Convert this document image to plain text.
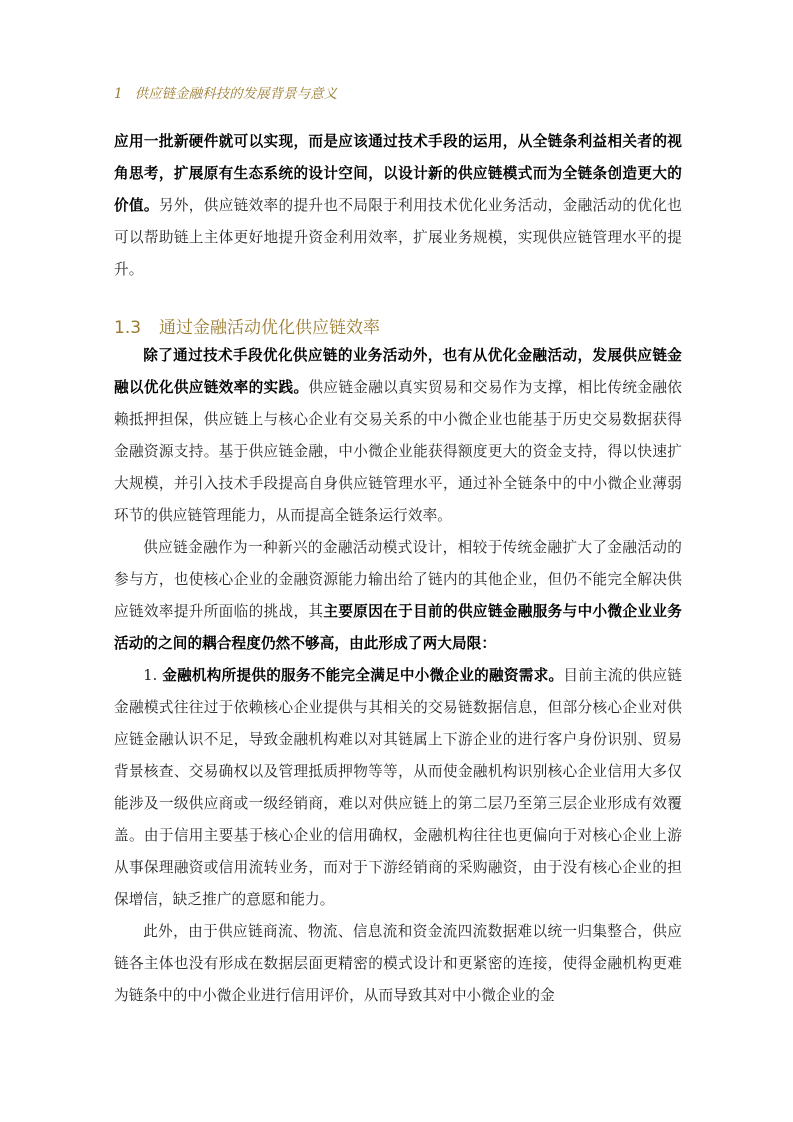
1 供应链金融科技的发展背景与意义

应用一批新硬件就可以实现，而是应该通过技术手段的运用，从全链条利益相关者的视角思考，扩展原有生态系统的设计空间，以设计新的供应链模式而为全链条创造更大的价值。另外，供应链效率的提升也不局限于利用技术优化业务活动，金融活动的优化也可以帮助链上主体更好地提升资金利用效率，扩展业务规模，实现供应链管理水平的提升。

1.3 通过金融活动优化供应链效率

除了通过技术手段优化供应链的业务活动外，也有从优化金融活动，发展供应链金融以优化供应链效率的实践。供应链金融以真实贸易和交易作为支撑，相比传统金融依赖抵押担保，供应链上与核心企业有交易关系的中小微企业也能基于历史交易数据获得金融资源支持。基于供应链金融，中小微企业能获得额度更大的资金支持，得以快速扩大规模，并引入技术手段提高自身供应链管理水平，通过补全链条中的中小微企业薄弱环节的供应链管理能力，从而提高全链条运行效率。

供应链金融作为一种新兴的金融活动模式设计，相较于传统金融扩大了金融活动的参与方，也使核心企业的金融资源能力输出给了链内的其他企业，但仍不能完全解决供应链效率提升所面临的挑战，其主要原因在于目前的供应链金融服务与中小微企业业务活动的之间的耦合程度仍然不够高，由此形成了两大局限：

1. 金融机构所提供的服务不能完全满足中小微企业的融资需求。目前主流的供应链金融模式往往过于依赖核心企业提供与其相关的交易链数据信息，但部分核心企业对供应链金融认识不足，导致金融机构难以对其链属上下游企业的进行客户身份识别、贸易背景核查、交易确权以及管理抵质押物等等，从而使金融机构识别核心企业信用大多仅能涉及一级供应商或一级经销商，难以对供应链上的第二层乃至第三层企业形成有效覆盖。由于信用主要基于核心企业的信用确权，金融机构往往也更偏向于对核心企业上游从事保理融资或信用流转业务，而对于下游经销商的采购融资，由于没有核心企业的担保增信，缺乏推广的意愿和能力。

此外，由于供应链商流、物流、信息流和资金流四流数据难以统一归集整合，供应链各主体也没有形成在数据层面更精密的模式设计和更紧密的连接，使得金融机构更难为链条中的中小微企业进行信用评价，从而导致其对中小微企业的金
